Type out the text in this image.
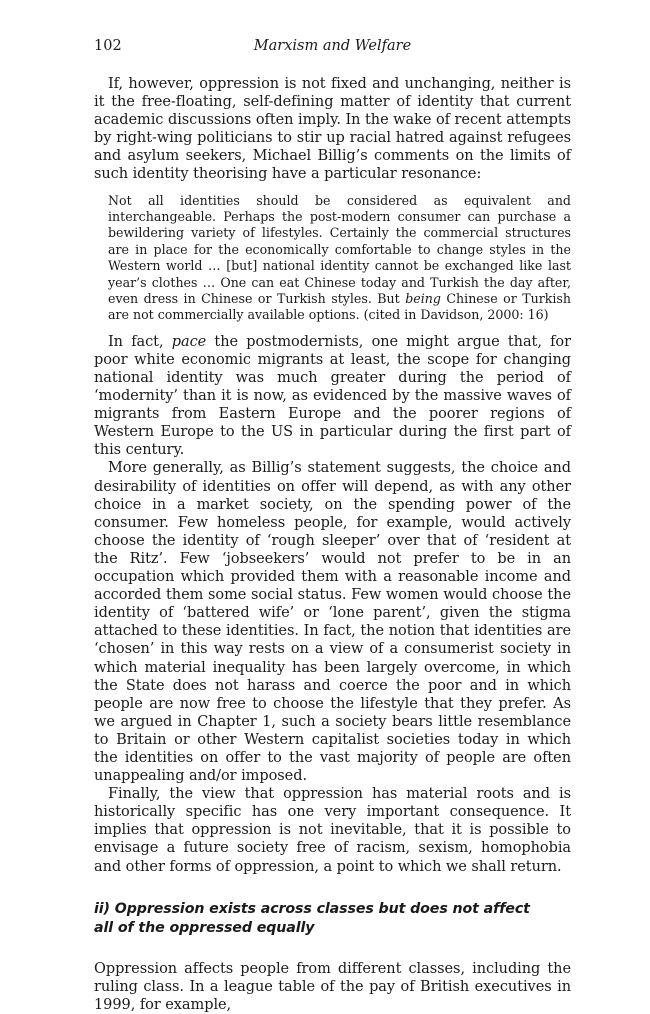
102	Marxism and Welfare

If, however, oppression is not fixed and unchanging, neither is it the free-floating, self-defining matter of identity that current academic discussions often imply. In the wake of recent attempts by right-wing politicians to stir up racial hatred against refugees and asylum seekers, Michael Billig’s comments on the limits of such identity theorising have a particular resonance:

Not all identities should be considered as equivalent and interchangeable. Perhaps the post-modern consumer can purchase a bewildering variety of lifestyles. Certainly the commercial structures are in place for the economically comfortable to change styles in the Western world … [but] national identity cannot be exchanged like last year’s clothes … One can eat Chinese today and Turkish the day after, even dress in Chinese or Turkish styles. But being Chinese or Turkish are not commercially available options. (cited in Davidson, 2000: 16)

In fact, pace the postmodernists, one might argue that, for poor white economic migrants at least, the scope for changing national identity was much greater during the period of ‘modernity’ than it is now, as evidenced by the massive waves of migrants from Eastern Europe and the poorer regions of Western Europe to the US in particular during the first part of this century.

More generally, as Billig’s statement suggests, the choice and desirability of identities on offer will depend, as with any other choice in a market society, on the spending power of the consumer. Few homeless people, for example, would actively choose the identity of ‘rough sleeper’ over that of ‘resident at the Ritz’. Few ‘jobseekers’ would not prefer to be in an occupation which provided them with a reasonable income and accorded them some social status. Few women would choose the identity of ‘battered wife’ or ‘lone parent’, given the stigma attached to these identities. In fact, the notion that identities are ‘chosen’ in this way rests on a view of a consumerist society in which material inequality has been largely overcome, in which the State does not harass and coerce the poor and in which people are now free to choose the lifestyle that they prefer. As we argued in Chapter 1, such a society bears little resemblance to Britain or other Western capitalist societies today in which the identities on offer to the vast majority of people are often unappealing and/or imposed.

Finally, the view that oppression has material roots and is historically specific has one very important consequence. It implies that oppression is not inevitable, that it is possible to envisage a future society free of racism, sexism, homophobia and other forms of oppression, a point to which we shall return.

ii) Oppression exists across classes but does not affect
all of the oppressed equally

Oppression affects people from different classes, including the ruling class. In a league table of the pay of British executives in 1999, for example,
